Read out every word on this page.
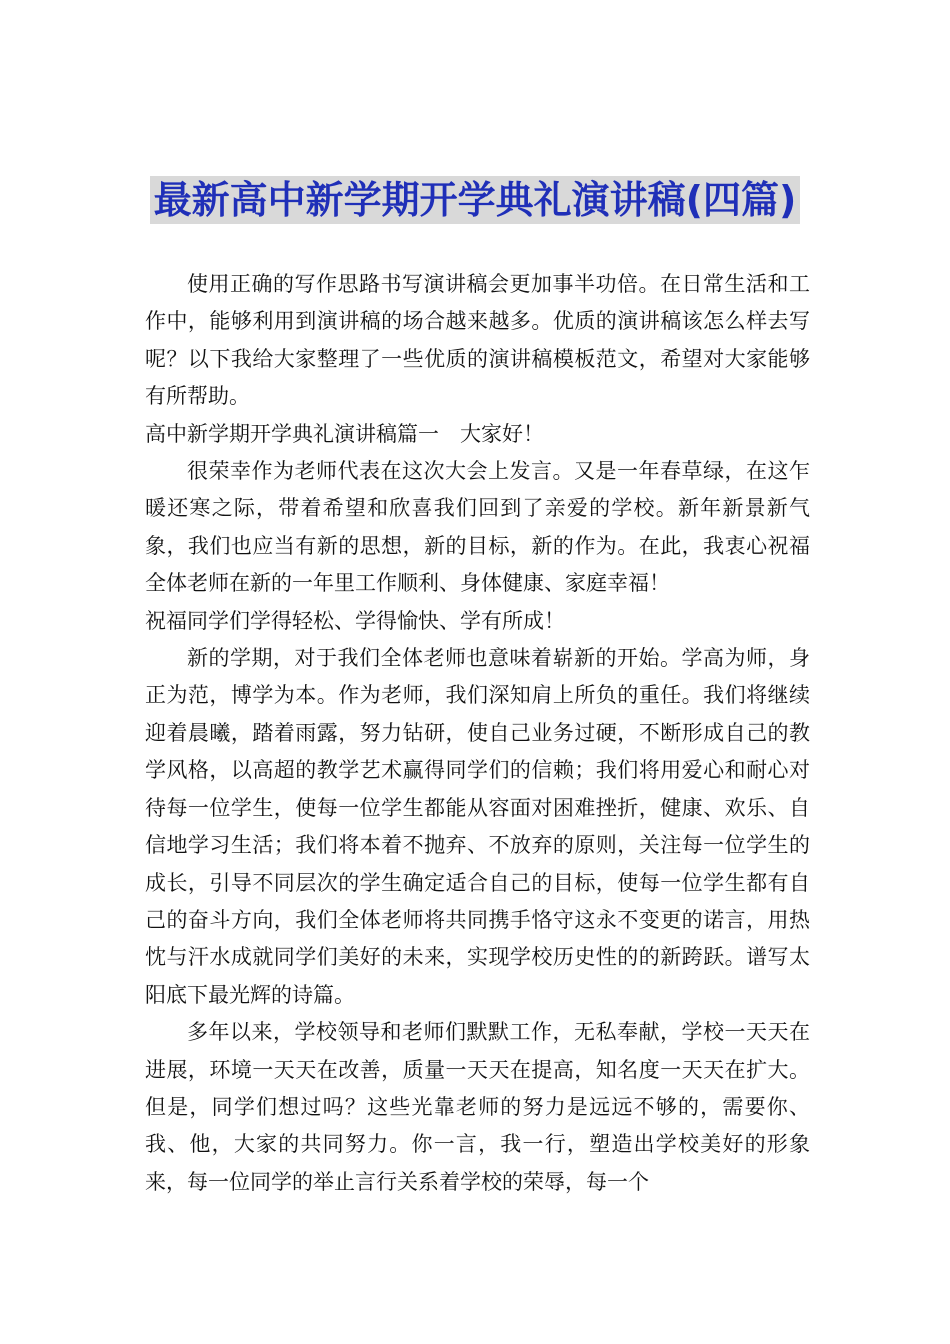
最新高中新学期开学典礼演讲稿(四篇)

使用正确的写作思路书写演讲稿会更加事半功倍。在日常生活和工作中，能够利用到演讲稿的场合越来越多。优质的演讲稿该怎么样去写呢？以下我给大家整理了一些优质的演讲稿模板范文，希望对大家能够有所帮助。

高中新学期开学典礼演讲稿篇一　大家好！

很荣幸作为老师代表在这次大会上发言。又是一年春草绿，在这乍暖还寒之际，带着希望和欣喜我们回到了亲爱的学校。新年新景新气象，我们也应当有新的思想，新的目标，新的作为。在此，我衷心祝福全体老师在新的一年里工作顺利、身体健康、家庭幸福！

祝福同学们学得轻松、学得愉快、学有所成！

新的学期，对于我们全体老师也意味着崭新的开始。学高为师，身正为范，博学为本。作为老师，我们深知肩上所负的重任。我们将继续迎着晨曦，踏着雨露，努力钻研，使自己业务过硬，不断形成自己的教学风格，以高超的教学艺术赢得同学们的信赖；我们将用爱心和耐心对待每一位学生，使每一位学生都能从容面对困难挫折，健康、欢乐、自信地学习生活；我们将本着不抛弃、不放弃的原则，关注每一位学生的成长，引导不同层次的学生确定适合自己的目标，使每一位学生都有自己的奋斗方向，我们全体老师将共同携手恪守这永不变更的诺言，用热忱与汗水成就同学们美好的未来，实现学校历史性的的新跨跃。谱写太阳底下最光辉的诗篇。

多年以来，学校领导和老师们默默工作，无私奉献，学校一天天在进展，环境一天天在改善，质量一天天在提高，知名度一天天在扩大。但是，同学们想过吗？这些光靠老师的努力是远远不够的，需要你、我、他，大家的共同努力。你一言，我一行，塑造出学校美好的形象来，每一位同学的举止言行关系着学校的荣辱，每一个
